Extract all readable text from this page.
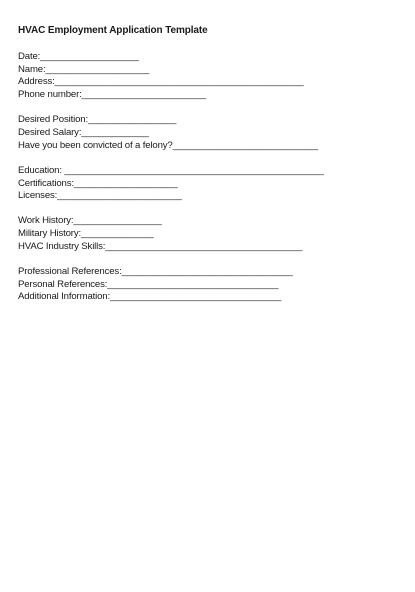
HVAC Employment Application Template
Date:___________________
Name:____________________
Address:________________________________________________
Phone number:________________________
Desired Position:_________________
Desired Salary:_____________
Have you been convicted of a felony?____________________________
Education: __________________________________________________
Certifications:____________________
Licenses:________________________
Work History:_________________
Military History:______________
HVAC Industry Skills:______________________________________
Professional References:_________________________________
Personal References:_________________________________
Additional Information:_________________________________
